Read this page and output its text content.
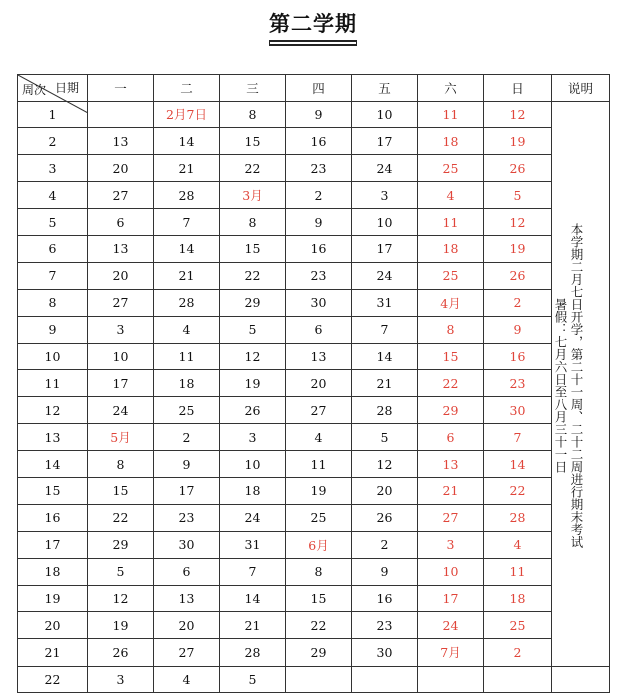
第二学期
日期
周次	一	二	三	四	五	六	日	说明
1		2月7日	8	9	10	11	12	本学期二月七日开学，第二十一周、二十二周进行期末考试
暑假：七月六日至八月三十一日

2	13	14	15	16	17	18	19	
3	20	21	22	23	24	25	26	
4	27	28	3月	2	3	4	5	
5	6	7	8	9	10	11	12	
6	13	14	15	16	17	18	19	
7	20	21	22	23	24	25	26	
8	27	28	29	30	31	4月	2	
9	3	4	5	6	7	8	9	
10	10	11	12	13	14	15	16	
11	17	18	19	20	21	22	23	
12	24	25	26	27	28	29	30	
13	5月	2	3	4	5	6	7	
14	8	9	10	11	12	13	14	
15	15	17	18	19	20	21	22	
16	22	23	24	25	26	27	28	
17	29	30	31	6月	2	3	4	
18	5	6	7	8	9	10	11	
19	12	13	14	15	16	17	18	
20	19	20	21	22	23	24	25	
21	26	27	28	29	30	7月	2	
22	3	4	5					
